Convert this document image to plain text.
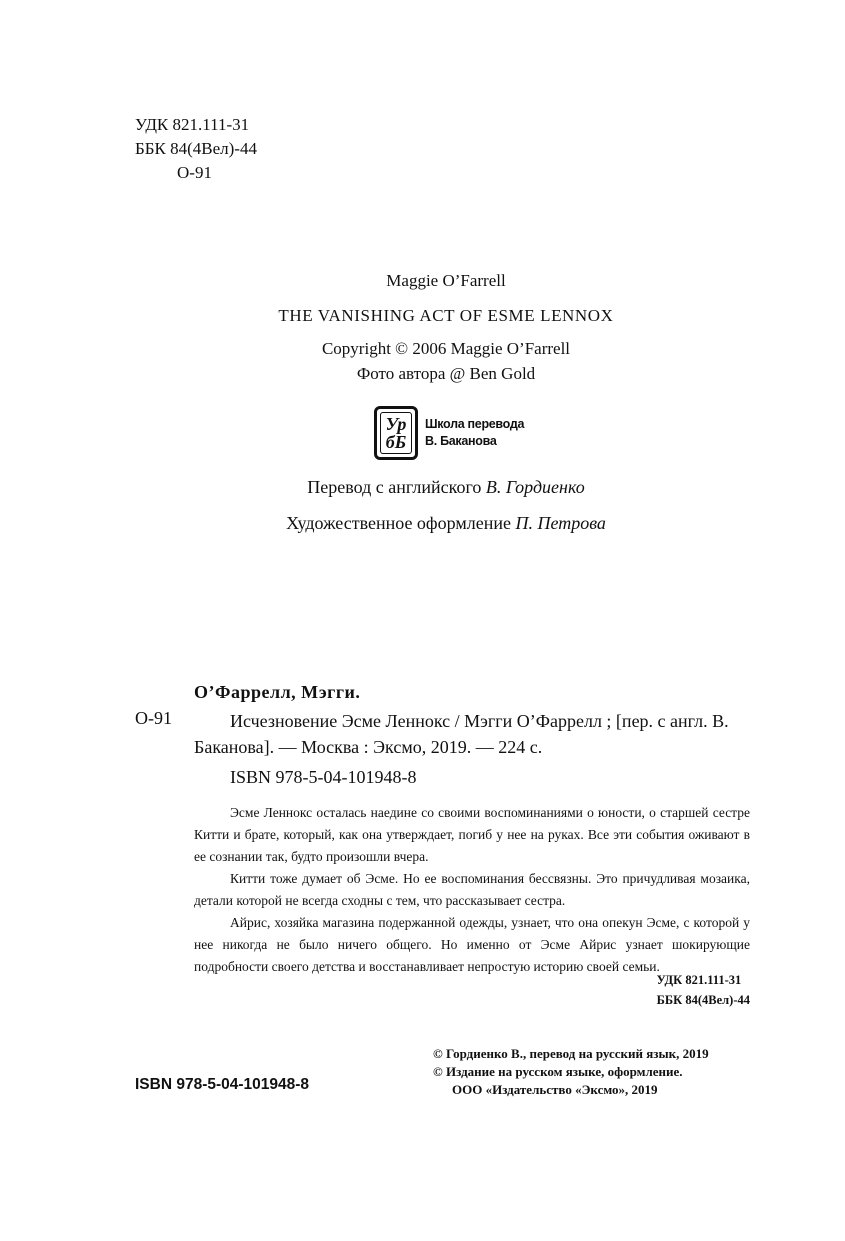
УДК 821.111-31
ББК 84(4Вел)-44

О-91
Maggie O’Farrell
THE VANISHING ACT OF ESME LENNOX
Copyright © 2006 Maggie O’Farrell
Фото автора @ Ben Gold
Ур
бБ
Школа перевода
В. Баканова
Перевод с английского В. Гордиенко
Художественное оформление П. Петрова
О’Фаррелл, Мэгги.
О-91	Исчезновение Эсме Леннокс / Мэгги О’Фаррелл ; [пер. с англ. В. Баканова]. — Москва : Эксмо, 2019. — 224 с.
ISBN 978-5-04-101948-8

Эсме Леннокс осталась наедине со своими воспоминаниями о юности, о старшей сестре Китти и брате, который, как она утверждает, погиб у нее на руках. Все эти события оживают в ее сознании так, будто произошли вчера.

Китти тоже думает об Эсме. Но ее воспоминания бессвязны. Это причудливая мозаика, детали которой не всегда сходны с тем, что рассказывает сестра.

Айрис, хозяйка магазина подержанной одежды, узнает, что она опекун Эсме, с которой у нее никогда не было ничего общего. Но именно от Эсме Айрис узнает шокирующие подробности своего детства и восстанавливает непростую историю своей семьи.

УДК 821.111-31
ББК 84(4Вел)-44
© Гордиенко В., перевод на русский язык, 2019
© Издание на русском языке, оформление.
ООО «Издательство «Эксмо», 2019
ISBN 978-5-04-101948-8
